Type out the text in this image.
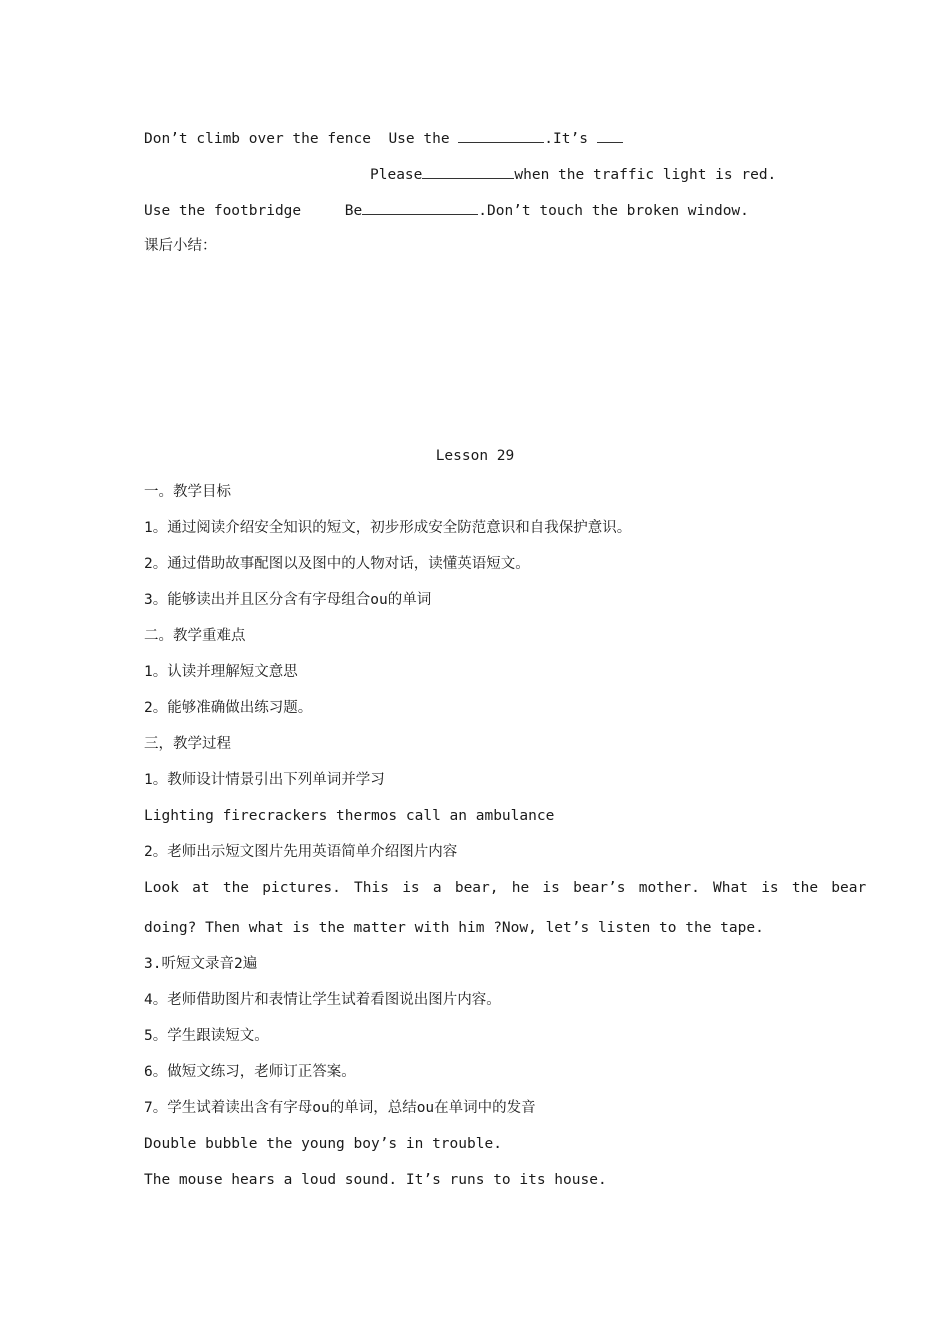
Don’t climb over the fence Use the	.It’s
Please	when the traffic light is red.
Use the footbridge	Be	.Don’t touch the broken window.
课后小结：
Lesson 29
一。教学目标
1。通过阅读介绍安全知识的短文，初步形成安全防范意识和自我保护意识。
2。通过借助故事配图以及图中的人物对话，读懂英语短文。
3。能够读出并且区分含有字母组合ou的单词
二。教学重难点
1。认读并理解短文意思
2。能够准确做出练习题。
三，教学过程
1。教师设计情景引出下列单词并学习
Lighting firecrackers thermos call an ambulance
2。老师出示短文图片先用英语简单介绍图片内容
Look at the pictures. This is a bear, he is bear’s mother. What is the bear
doing? Then what is the matter with him ?Now, let’s listen to the tape.
3.听短文录音2遍
4。老师借助图片和表情让学生试着看图说出图片内容。
5。学生跟读短文。
6。做短文练习，老师订正答案。
7。学生试着读出含有字母ou的单词，总结ou在单词中的发音
Double bubble the young boy’s in trouble.
The mouse hears a loud sound. It’s runs to its house.
